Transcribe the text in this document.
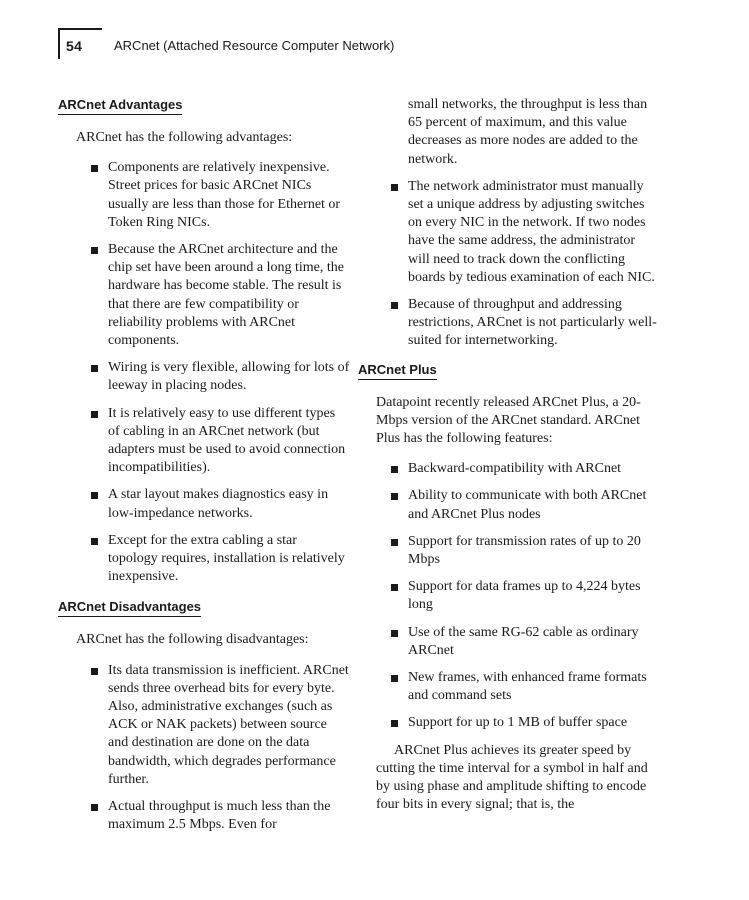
54 ARCnet (Attached Resource Computer Network)
ARCnet Advantages

ARCnet has the following advantages:

Components are relatively inexpensive. Street prices for basic ARCnet NICs usually are less than those for Ethernet or Token Ring NICs.
Because the ARCnet architecture and the chip set have been around a long time, the hardware has become stable. The result is that there are few compatibility or reliability problems with ARCnet components.
Wiring is very flexible, allowing for lots of leeway in placing nodes.
It is relatively easy to use different types of cabling in an ARCnet network (but adapters must be used to avoid connection incompatibilities).
A star layout makes diagnostics easy in low-impedance networks.
Except for the extra cabling a star topology requires, installation is relatively inexpensive.
ARCnet Disadvantages

ARCnet has the following disadvantages:

Its data transmission is inefficient. ARCnet sends three overhead bits for every byte. Also, administrative exchanges (such as ACK or NAK packets) between source and destination are done on the data bandwidth, which degrades performance further.
Actual throughput is much less than the maximum 2.5 Mbps. Even for

small networks, the throughput is less than 65 percent of maximum, and this value decreases as more nodes are added to the network.

The network administrator must manually set a unique address by adjusting switches on every NIC in the network. If two nodes have the same address, the administrator will need to track down the conflicting boards by tedious examination of each NIC.
Because of throughput and addressing restrictions, ARCnet is not particularly well-suited for internetworking.
ARCnet Plus

Datapoint recently released ARCnet Plus, a 20-Mbps version of the ARCnet standard. ARCnet Plus has the following features:

Backward-compatibility with ARCnet
Ability to communicate with both ARCnet and ARCnet Plus nodes
Support for transmission rates of up to 20 Mbps
Support for data frames up to 4,224 bytes long
Use of the same RG-62 cable as ordinary ARCnet
New frames, with enhanced frame formats and command sets
Support for up to 1 MB of buffer space

ARCnet Plus achieves its greater speed by cutting the time interval for a symbol in half and by using phase and amplitude shifting to encode four bits in every signal; that is, the
